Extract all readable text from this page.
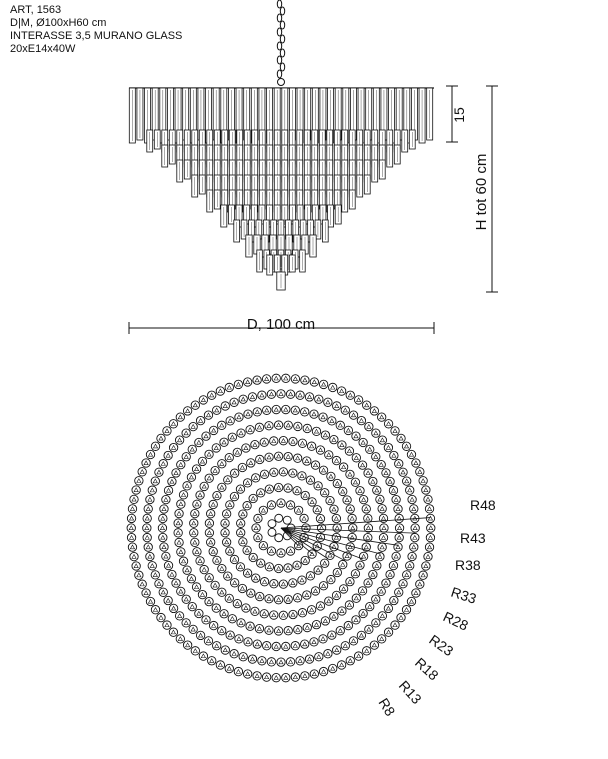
ART, 1563
D|M, Ø100xH60 cm
INTERASSE 3,5 MURANO GLASS
20xE14x40W
15
H tot 60 cm
D, 100 cm
R48
R43
R38
R33
R28
R23
R18
R13
R8
